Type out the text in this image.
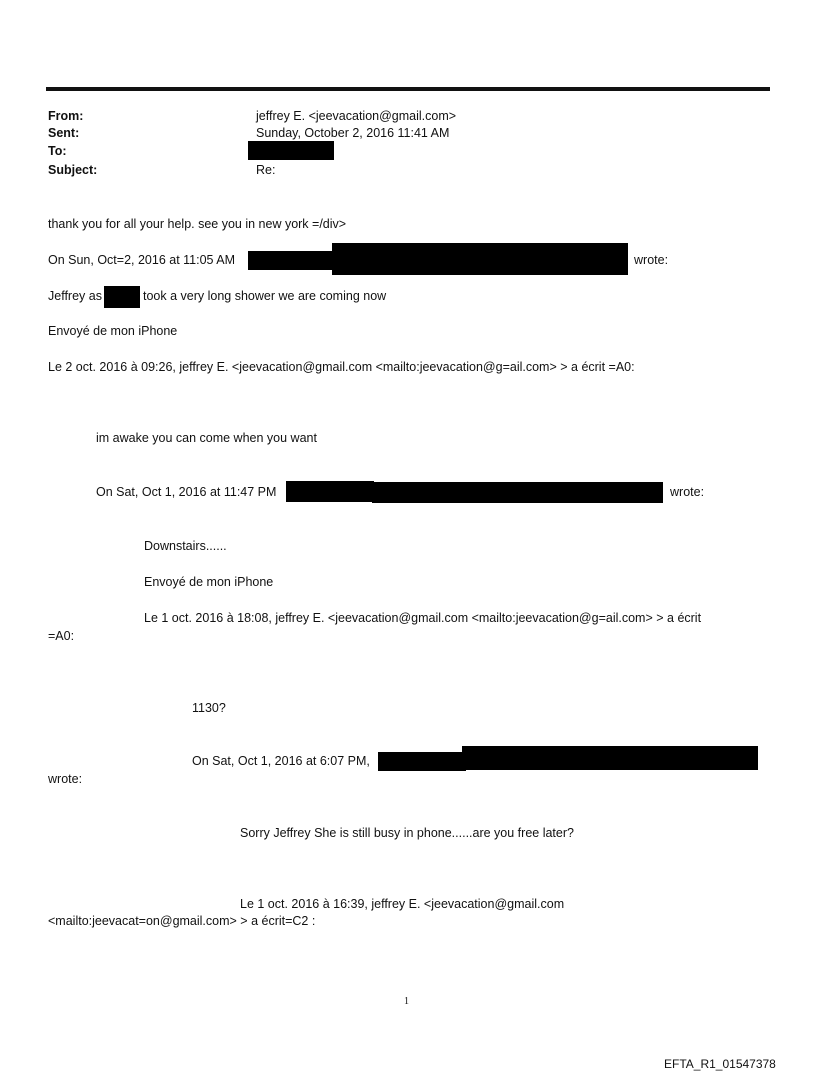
From:	jeffrey E. <jeevacation@gmail.com>
Sent:	Sunday, October 2, 2016 11:41 AM
To:
Subject:	Re:
thank you for all your help. see you in new york =/div>
On Sun, Oct=2, 2016 at 11:05 AM	wrote:
Jeffrey as	took a very long shower we are coming now
Envoyé de mon iPhone
Le 2 oct. 2016 à 09:26, jeffrey E. <jeevacation@gmail.com <mailto:jeevacation@g=ail.com> > a écrit =A0:
im awake you can come when you want
On Sat, Oct 1, 2016 at 11:47 PM	wrote:
Downstairs......
Envoyé de mon iPhone
Le 1 oct. 2016 à 18:08, jeffrey E. <jeevacation@gmail.com <mailto:jeevacation@g=ail.com> > a écrit
=A0:
1130?
On Sat, Oct 1, 2016 at 6:07 PM,
wrote:
Sorry Jeffrey She is still busy in phone......are you free later?
Le 1 oct. 2016 à 16:39, jeffrey E. <jeevacation@gmail.com
<mailto:jeevacat=on@gmail.com> > a écrit=C2 :
1
EFTA_R1_01547378
